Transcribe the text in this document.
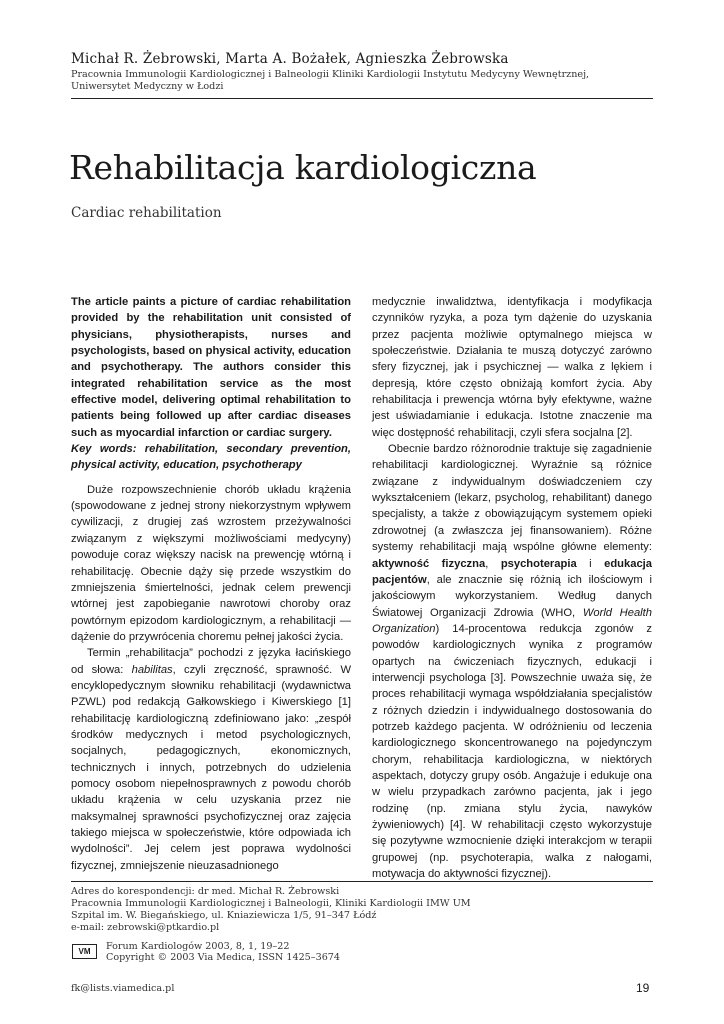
Michał R. Żebrowski, Marta A. Bożałek, Agnieszka Żebrowska
Pracownia Immunologii Kardiologicznej i Balneologii Kliniki Kardiologii Instytutu Medycyny Wewnętrznej,
Uniwersytet Medyczny w Łodzi
Rehabilitacja kardiologiczna
Cardiac rehabilitation

The article paints a picture of cardiac rehabilitation provided by the rehabilitation unit consisted of physicians, physiotherapists, nurses and psychologists, based on physical activity, education and psychotherapy. The authors consider this integrated rehabilitation service as the most effective model, delivering optimal rehabilitation to patients being followed up after cardiac diseases such as myocardial infarction or cardiac surgery.

Key words: rehabilitation, secondary prevention, physical activity, education, psychotherapy

Duże rozpowszechnienie chorób układu krążenia (spowodowane z jednej strony niekorzystnym wpływem cywilizacji, z drugiej zaś wzrostem przeżywalności związanym z większymi możliwościami medycyny) powoduje coraz większy nacisk na prewencję wtórną i rehabilitację. Obecnie dąży się przede wszystkim do zmniejszenia śmiertelności, jednak celem prewencji wtórnej jest zapobieganie nawrotowi choroby oraz powtórnym epizodom kardiologicznym, a rehabilitacji — dążenie do przywrócenia choremu pełnej jakości życia.

Termin „rehabilitacja” pochodzi z języka łacińskiego od słowa: habilitas, czyli zręczność, sprawność. W encyklopedycznym słowniku rehabilitacji (wydawnictwa PZWL) pod redakcją Gałkowskiego i Kiwerskiego [1] rehabilitację kardiologiczną zdefiniowano jako: „zespół środków medycznych i metod psychologicznych, socjalnych, pedagogicznych, ekonomicznych, technicznych i innych, potrzebnych do udzielenia pomocy osobom niepełnosprawnych z powodu chorób układu krążenia w celu uzyskania przez nie maksymalnej sprawności psychofizycznej oraz zajęcia takiego miejsca w społeczeństwie, które odpowiada ich wydolności”. Jej celem jest poprawa wydolności fizycznej, zmniejszenie nieuzasadnionego

medycznie inwalidztwa, identyfikacja i modyfikacja czynników ryzyka, a poza tym dążenie do uzyskania przez pacjenta możliwie optymalnego miejsca w społeczeństwie. Działania te muszą dotyczyć zarówno sfery fizycznej, jak i psychicznej — walka z lękiem i depresją, które często obniżają komfort życia. Aby rehabilitacja i prewencja wtórna były efektywne, ważne jest uświadamianie i edukacja. Istotne znaczenie ma więc dostępność rehabilitacji, czyli sfera socjalna [2].

Obecnie bardzo różnorodnie traktuje się zagadnienie rehabilitacji kardiologicznej. Wyraźnie są różnice związane z indywidualnym doświadczeniem czy wykształceniem (lekarz, psycholog, rehabilitant) danego specjalisty, a także z obowiązującym systemem opieki zdrowotnej (a zwłaszcza jej finansowaniem). Różne systemy rehabilitacji mają wspólne główne elementy: aktywność fizyczna, psychoterapia i edukacja pacjentów, ale znacznie się różnią ich ilościowym i jakościowym wykorzystaniem. Według danych Światowej Organizacji Zdrowia (WHO, World Health Organization) 14-procentowa redukcja zgonów z powodów kardiologicznych wynika z programów opartych na ćwiczeniach fizycznych, edukacji i interwencji psychologa [3]. Powszechnie uważa się, że proces rehabilitacji wymaga współdziałania specjalistów z różnych dziedzin i indywidualnego dostosowania do potrzeb każdego pacjenta. W odróżnieniu od leczenia kardiologicznego skoncentrowanego na pojedynczym chorym, rehabilitacja kardiologiczna, w niektórych aspektach, dotyczy grupy osób. Angażuje i edukuje ona w wielu przypadkach zarówno pacjenta, jak i jego rodzinę (np. zmiana stylu życia, nawyków żywieniowych) [4]. W rehabilitacji często wykorzystuje się pozytywne wzmocnienie dzięki interakcjom w terapii grupowej (np. psychoterapia, walka z nałogami, motywacja do aktywności fizycznej).

Adres do korespondencji: dr med. Michał R. Żebrowski
Pracownia Immunologii Kardiologicznej i Balneologii, Kliniki Kardiologii IMW UM
Szpital im. W. Biegańskiego, ul. Kniaziewicza 1/5, 91–347 Łódź
e-mail: zebrowski@ptkardio.pl
VM	Forum Kardiologów 2003, 8, 1, 19–22
Copyright © 2003 Via Medica, ISSN 1425–3674
fk@lists.viamedica.pl	19
